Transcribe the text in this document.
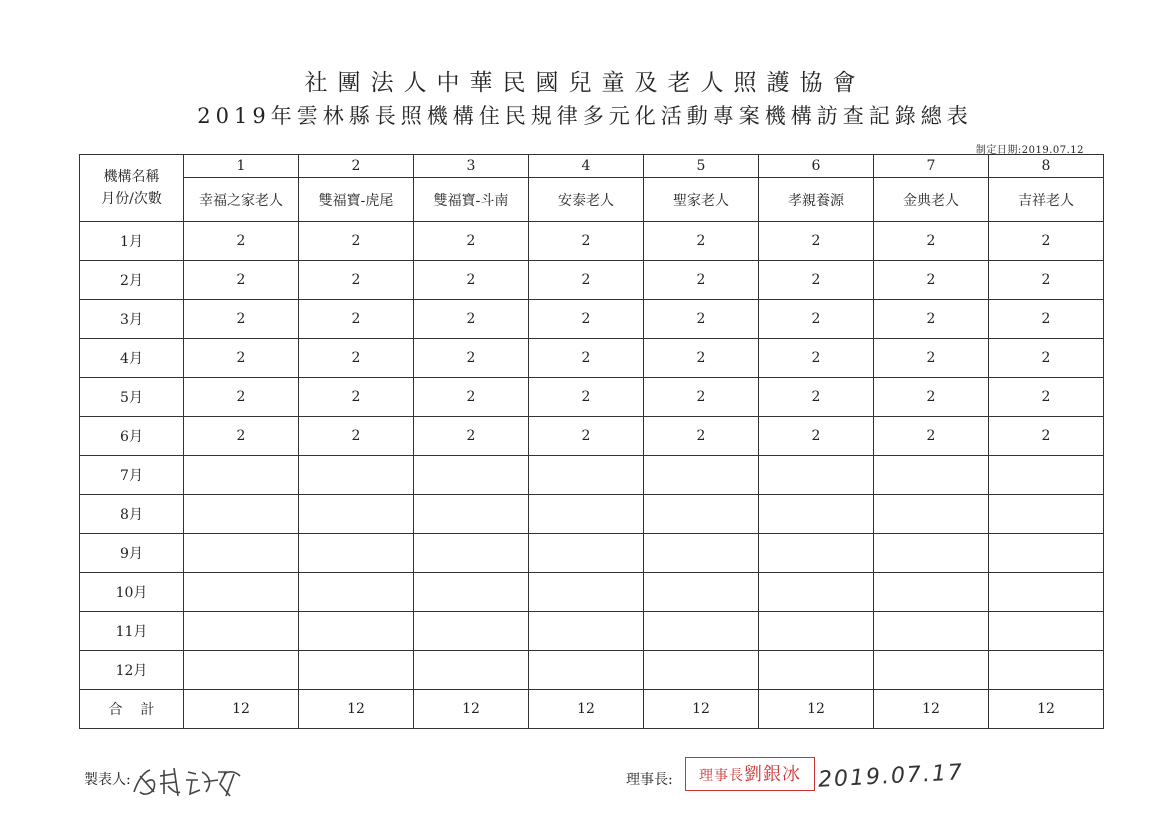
社團法人中華民國兒童及老人照護協會
2019年雲林縣長照機構住民規律多元化活動專案機構訪查記錄總表
制定日期:2019.07.12
機構名稱
月份/次數	1	2	3	4	5	6	7	8
	幸福之家老人	雙福寶-虎尾	雙福寶-斗南	安泰老人	聖家老人	孝親養源	金典老人	吉祥老人
1月	2	2	2	2	2	2	2	2
2月	2	2	2	2	2	2	2	2
3月	2	2	2	2	2	2	2	2
4月	2	2	2	2	2	2	2	2
5月	2	2	2	2	2	2	2	2
6月	2	2	2	2	2	2	2	2
7月								
8月								
9月								
10月								
11月								
12月								
合計	12	12	12	12	12	12	12	12
製表人:	理事長:	理事長劉銀冰 2019.07.17
